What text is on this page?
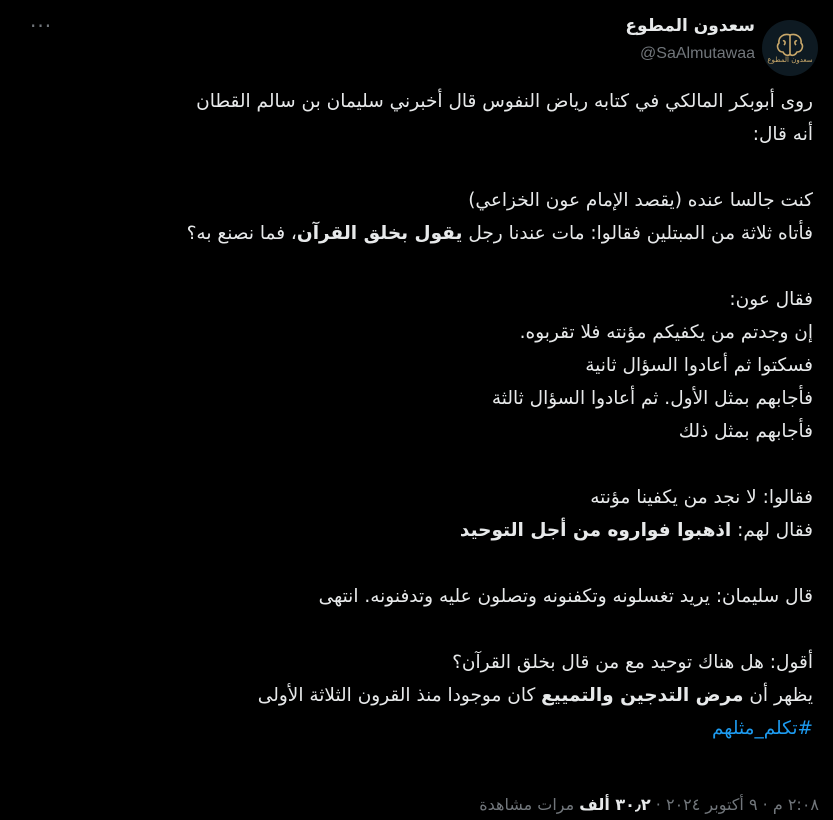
سعدون المطوع
سعدون المطوع
@SaAlmutawaa
···

روى أبوبكر المالكي في كتابه رياض النفوس قال أخبرني سليمان بن سالم القطان

أنه قال:

كنت جالسا عنده (يقصد الإمام عون الخزاعي)

فأتاه ثلاثة من المبتلين فقالوا: مات عندنا رجل يقول بخلق القرآن، فما نصنع به؟

فقال عون:

إن وجدتم من يكفيكم مؤنته فلا تقربوه.

فسكتوا ثم أعادوا السؤال ثانية

فأجابهم بمثل الأول. ثم أعادوا السؤال ثالثة

فأجابهم بمثل ذلك

فقالوا: لا نجد من يكفينا مؤنته

فقال لهم: اذهبوا فواروه من أجل التوحيد

قال سليمان: يريد تغسلونه وتكفنونه وتصلون عليه وتدفنونه. انتهى

أقول: هل هناك توحيد مع من قال بخلق القرآن؟

يظهر أن مرض التدجين والتمييع كان موجودا منذ القرون الثلاثة الأولى

#تكلم_مثلهم

٢:٠٨ م · ٩ أكتوبر ٢٠٢٤ · ٣٠٫٢ ألف مرات مشاهدة
